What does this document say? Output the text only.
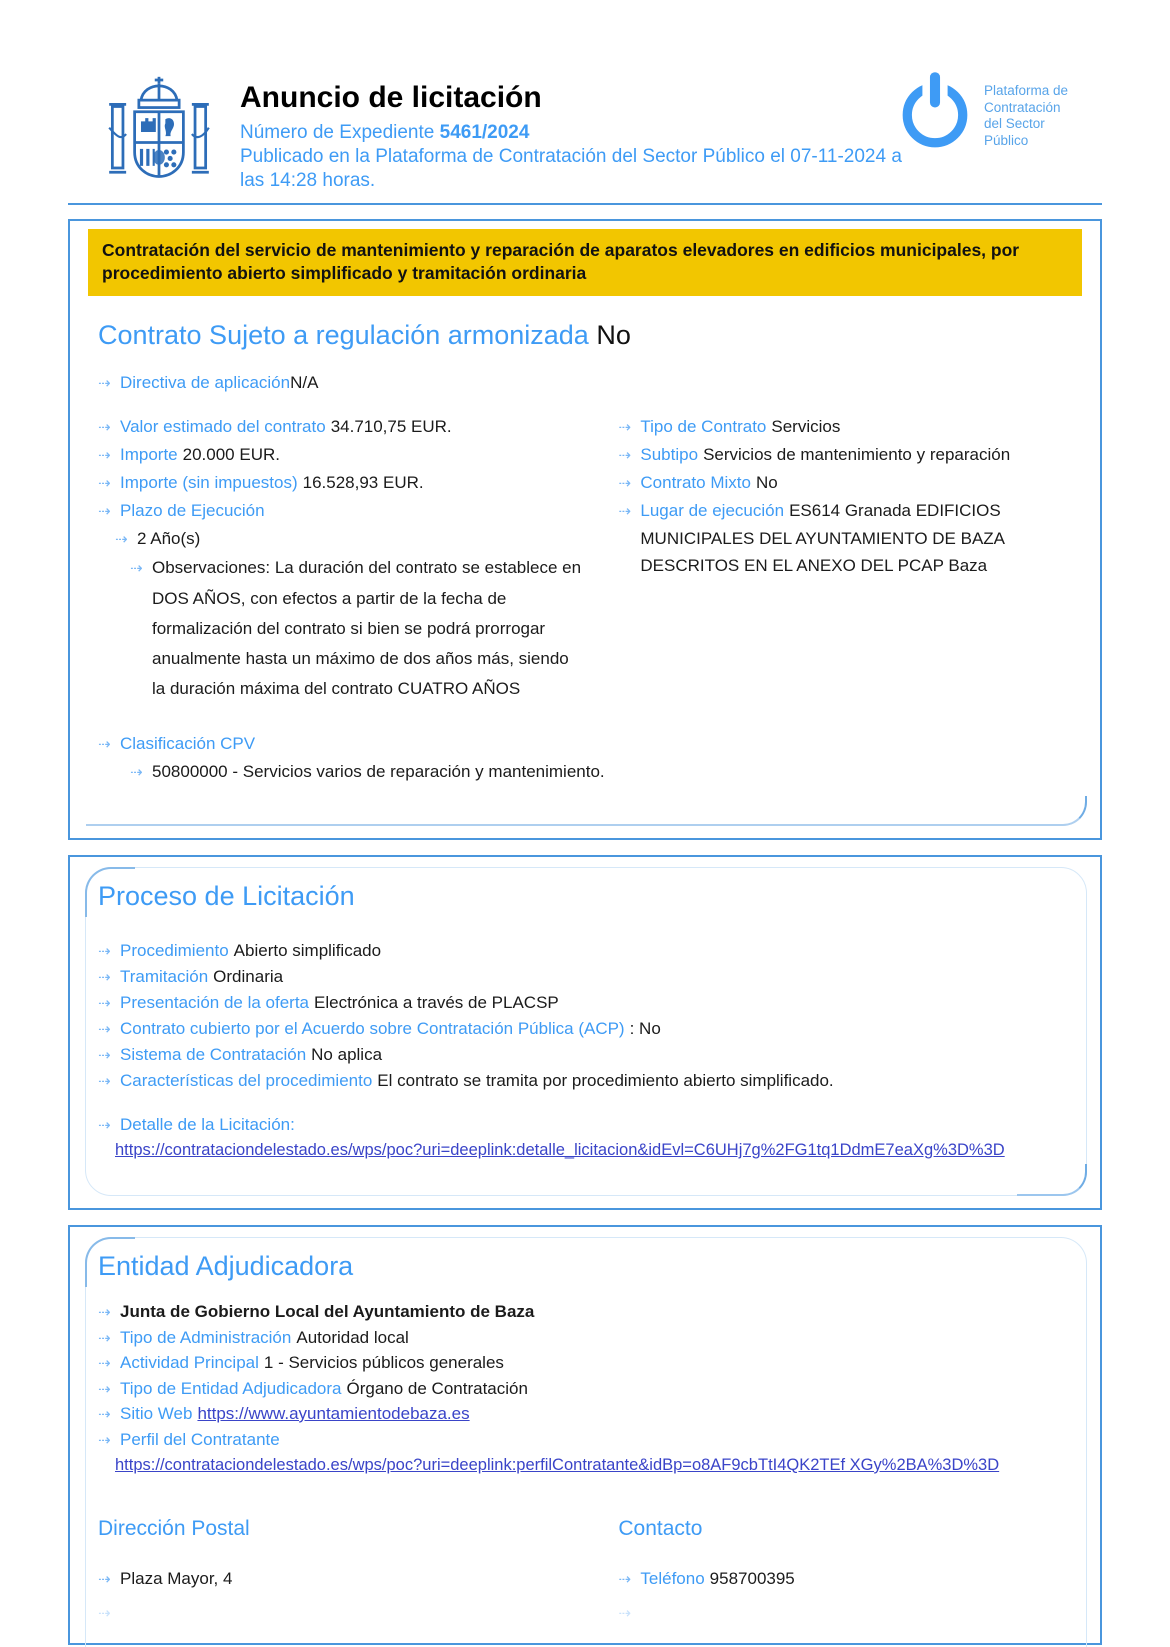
Anuncio de licitación
Número de Expediente 5461/2024
Publicado en la Plataforma de Contratación del Sector Público el 07-11-2024 a las 14:28 horas.
Plataforma de
Contratación
del Sector
Público
Contratación del servicio de mantenimiento y reparación de aparatos elevadores en edificios municipales, por procedimiento abierto simplificado y tramitación ordinaria
Contrato Sujeto a regulación armonizada No
⇢ Directiva de aplicaciónN/A
⇢ Valor estimado del contrato 34.710,75 EUR.
⇢ Importe 20.000 EUR.
⇢ Importe (sin impuestos) 16.528,93 EUR.
⇢ Plazo de Ejecución
⇢ 2 Año(s)
⇢ Observaciones: La duración del contrato se establece en DOS AÑOS, con efectos a partir de la fecha de formalización del contrato si bien se podrá prorrogar anualmente hasta un máximo de dos años más, siendo la duración máxima del contrato CUATRO AÑOS
⇢ Tipo de Contrato Servicios
⇢ Subtipo Servicios de mantenimiento y reparación
⇢ Contrato Mixto No
⇢ Lugar de ejecución ES614 Granada EDIFICIOS MUNICIPALES DEL AYUNTAMIENTO DE BAZA DESCRITOS EN EL ANEXO DEL PCAP Baza
⇢ Clasificación CPV
⇢ 50800000 - Servicios varios de reparación y mantenimiento.
Proceso de Licitación
⇢ Procedimiento Abierto simplificado
⇢ Tramitación Ordinaria
⇢ Presentación de la oferta Electrónica a través de PLACSP
⇢ Contrato cubierto por el Acuerdo sobre Contratación Pública (ACP) : No
⇢ Sistema de Contratación No aplica
⇢ Características del procedimiento El contrato se tramita por procedimiento abierto simplificado.
⇢ Detalle de la Licitación:
https://contrataciondelestado.es/wps/poc?uri=deeplink:detalle_licitacion&idEvl=C6UHj7g%2FG1tq1DdmE7eaXg%3D%3D
Entidad Adjudicadora
⇢ Junta de Gobierno Local del Ayuntamiento de Baza
⇢ Tipo de Administración Autoridad local
⇢ Actividad Principal 1 - Servicios públicos generales
⇢ Tipo de Entidad Adjudicadora Órgano de Contratación
⇢ Sitio Web https://www.ayuntamientodebaza.es
⇢ Perfil del Contratante
https://contrataciondelestado.es/wps/poc?uri=deeplink:perfilContratante&idBp=o8AF9cbTtI4QK2TEf XGy%2BA%3D%3D
Dirección Postal
⇢ Plaza Mayor, 4
⇢
Contacto
⇢ Teléfono 958700395
⇢
